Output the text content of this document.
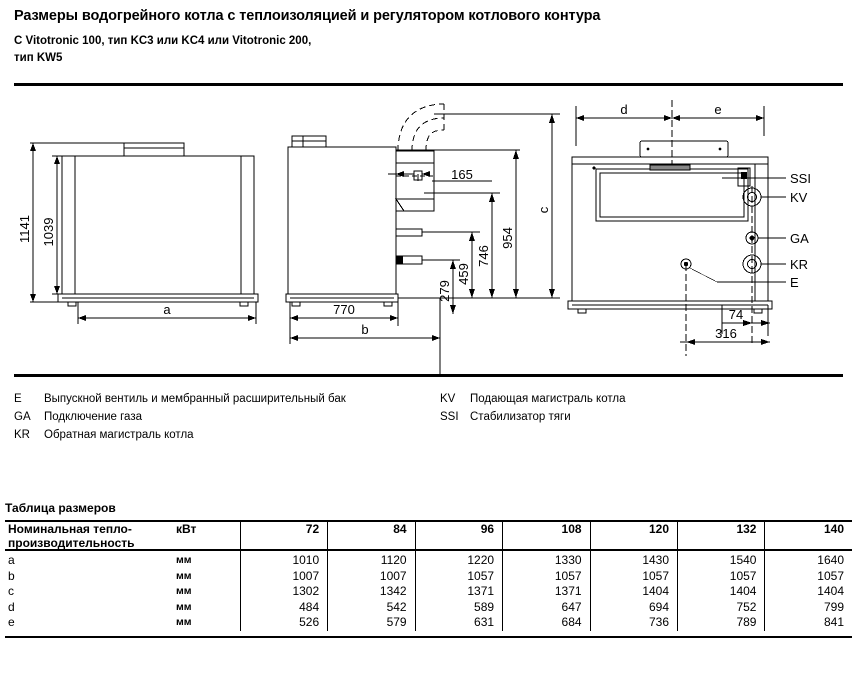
Размеры водогрейного котла с теплоизоляцией и регулятором котлового контура
C Vitotronic 100, тип KC3 или KC4 или Vitotronic 200,
тип KW5
1141 1039
a
165
c
954
746
459
279
770
b
d	e
74
316
SSI
KV
GA
KR
E
E	Выпускной вентиль и мембранный расширительный бак
GA	Подключение газа
KR	Обратная магистраль котла
KV	Подающая магистраль котла
SSI Стабилизатор тяги
Таблица размеров
Номинальная тепло-
производительность	кВт	72	84	96	108	120	132	140
a	мм	1010	1120	1220	1330	1430	1540	1640
b	мм	1007	1007	1057	1057	1057	1057	1057
c	мм	1302	1342	1371	1371	1404	1404	1404
d	мм	484	542	589	647	694	752	799
e	мм	526	579	631	684	736	789	841
